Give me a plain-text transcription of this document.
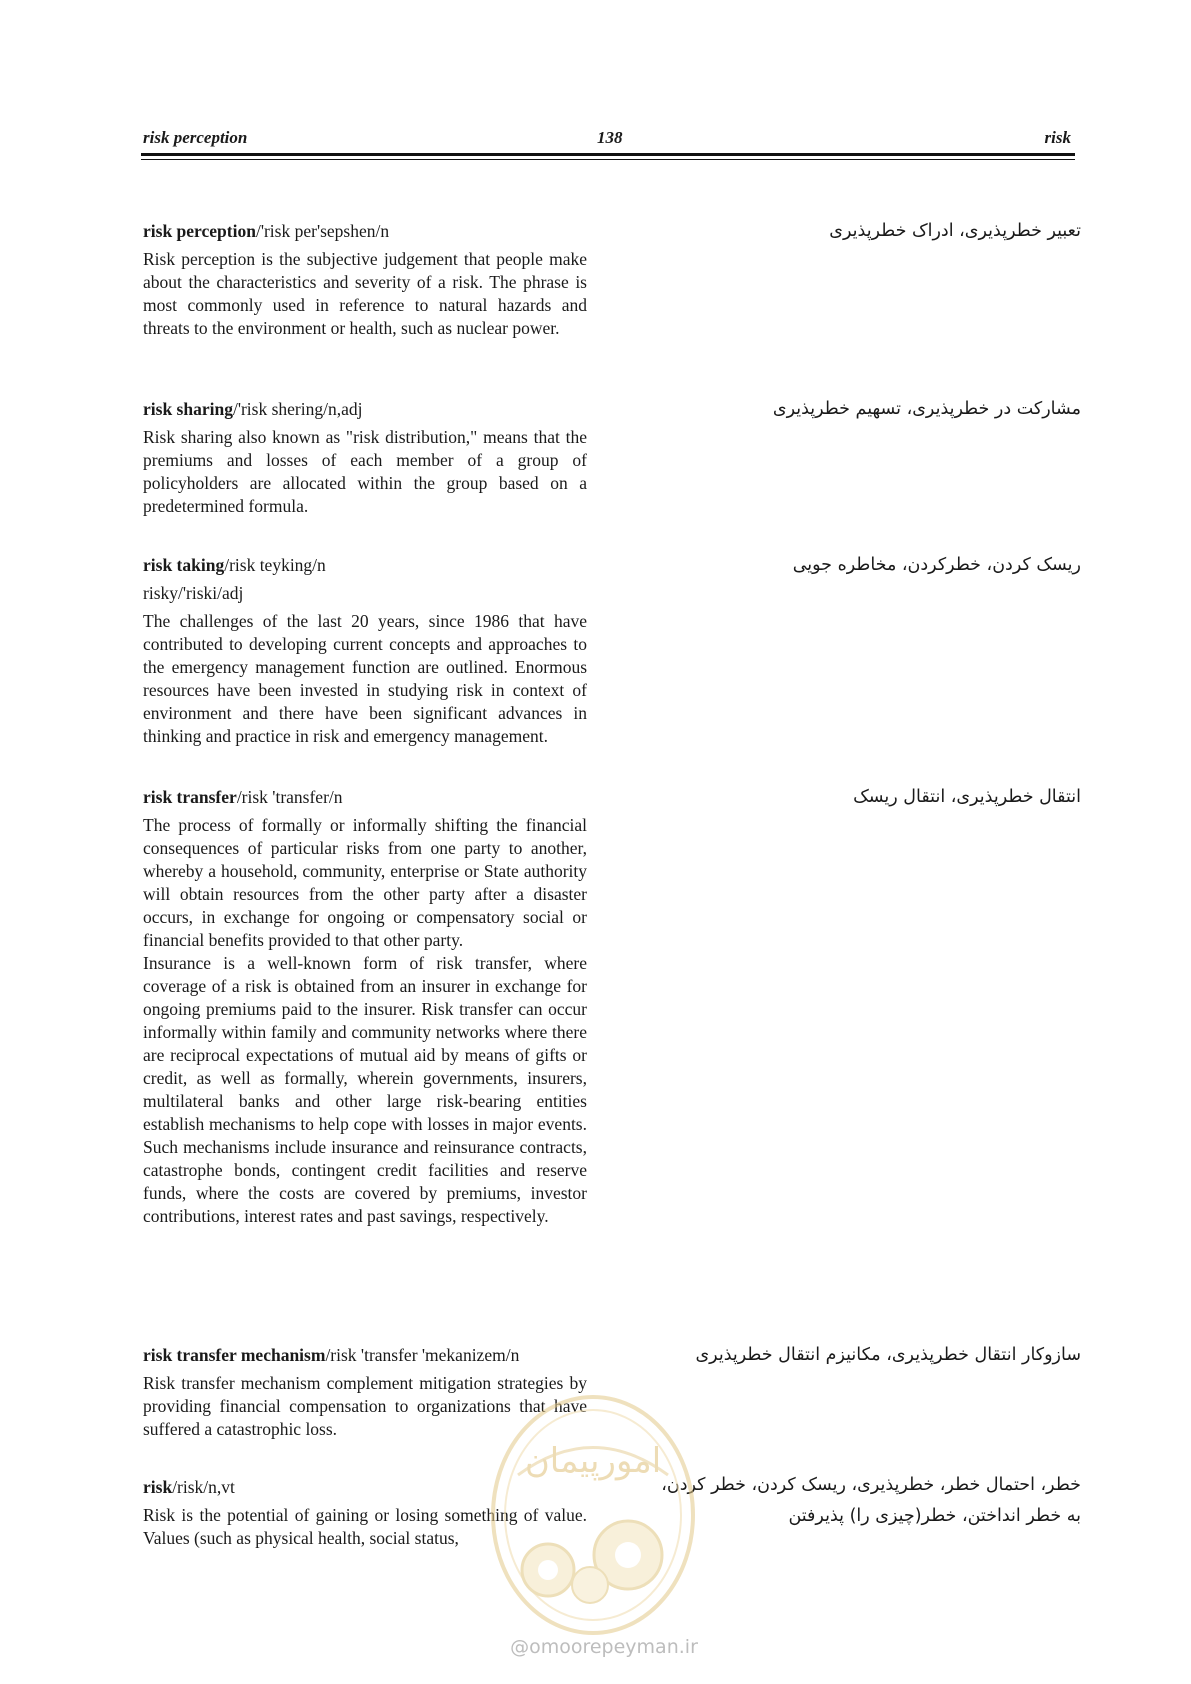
risk perception	138	risk

risk perception/'risk per'sepshen/n

Risk perception is the subjective judgement that people make about the characteristics and severity of a risk. The phrase is most commonly used in reference to natural hazards and threats to the environment or health, such as nuclear power.

تعبیر خطرپذیری، ادراک خطرپذیری

risk sharing/'risk shering/n,adj

Risk sharing also known as "risk distribution," means that the premiums and losses of each member of a group of policyholders are allocated within the group based on a predetermined formula.

مشارکت در خطرپذیری، تسهیم خطرپذیری

risk taking/risk teyking/n

risky/'riski/adj

The challenges of the last 20 years, since 1986 that have contributed to developing current concepts and approaches to the emergency management function are outlined. Enormous resources have been invested in studying risk in context of environment and there have been significant advances in thinking and practice in risk and emergency management.

ریسک کردن، خطرکردن، مخاطره جویی

risk transfer/risk 'transfer/n

The process of formally or informally shifting the financial consequences of particular risks from one party to another, whereby a household, community, enterprise or State authority will obtain resources from the other party after a disaster occurs, in exchange for ongoing or compensatory social or financial benefits provided to that other party.

Insurance is a well-known form of risk transfer, where coverage of a risk is obtained from an insurer in exchange for ongoing premiums paid to the insurer. Risk transfer can occur informally within family and community networks where there are reciprocal expectations of mutual aid by means of gifts or credit, as well as formally, wherein governments, insurers, multilateral banks and other large risk-bearing entities establish mechanisms to help cope with losses in major events. Such mechanisms include insurance and reinsurance contracts, catastrophe bonds, contingent credit facilities and reserve funds, where the costs are covered by premiums, investor contributions, interest rates and past savings, respectively.

انتقال خطرپذیری، انتقال ریسک

risk transfer mechanism/risk 'transfer 'mekanizem/n

Risk transfer mechanism complement mitigation strategies by providing financial compensation to organizations that have suffered a catastrophic loss.

سازوکار انتقال خطرپذیری، مکانیزم انتقال خطرپذیری

risk/risk/n,vt

Risk is the potential of gaining or losing something of value. Values (such as physical health, social status,

خطر، احتمال خطر، خطرپذیری، ریسک کردن، خطر کردن،
به خطر انداختن، خطر(چیزی را) پذیرفتن
امورپیمان
@omoorepeyman.ir
